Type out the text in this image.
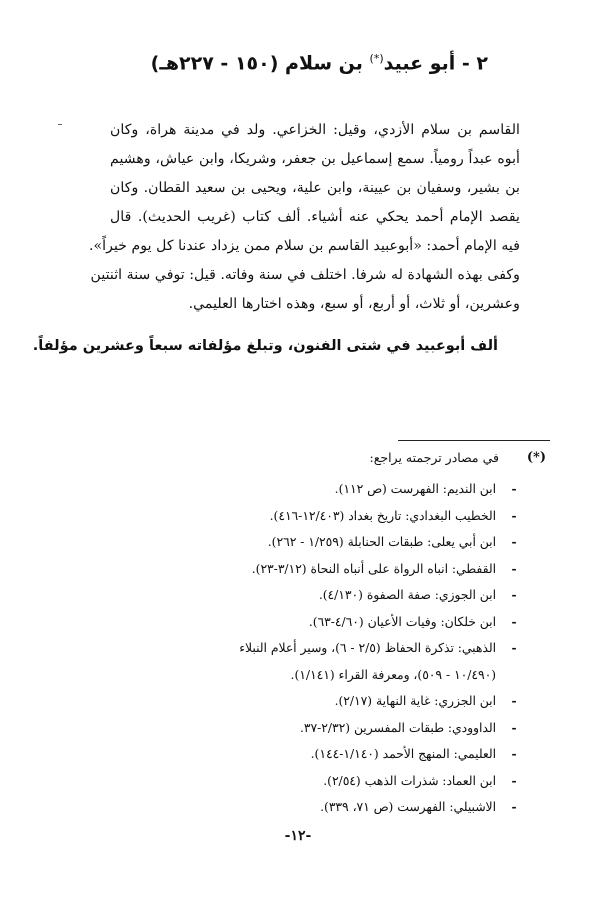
٢ - أبو عبيد(*) بن سلام (١٥٠ - ٢٢٧هـ)
القاسم بن سلام الأزدي، وقيل: الخزاعي. ولد في مدينة هراة، وكان
أبوه عبداً رومياً. سمع إسماعيل بن جعفر، وشريكا، وابن عياش، وهشيم
بن بشير، وسفيان بن عيينة، وابن علية، ويحيى بن سعيد القطان. وكان
يقصد الإمام أحمد يحكي عنه أشياء. ألف كتاب (غريب الحديث). قال
فيه الإمام أحمد: «أبوعبيد القاسم بن سلام ممن يزداد عندنا كل يوم خيراً».
وكفى بهذه الشهادة له شرفا. اختلف في سنة وفاته. قيل: توفي سنة اثنتين
وعشرين، أو ثلاث، أو أربع، أو سبع، وهذه اختارها العليمي.
ألف أبوعبيد في شتى الفنون، وتبلغ مؤلفاته سبعاً وعشرين مؤلفاً.
(*)
في مصادر ترجمته يراجع:
-
ابن النديم: الفهرست (ص ١١٢).
-
الخطيب البغدادي: تاريخ بغداد (١٢/٤٠٣-٤١٦).
-
ابن أبي يعلى: طبقات الحنابلة (١/٢٥٩ - ٢٦٢).
-
القفطي: انباه الرواة على أنباه النحاة (٣/١٢-٢٣).
-
ابن الجوزي: صفة الصفوة (٤/١٣٠).
-
ابن خلكان: وفيات الأعيان (٤/٦٠-٦٣).
-
الذهبي: تذكرة الحفاظ (٢/٥ - ٦)، وسير أعلام النبلاء
(١٠/٤٩٠ - ٥٠٩)، ومعرفة القراء (١/١٤١).
-
ابن الجزري: غاية النهاية (٢/١٧).
-
الداوودي: طبقات المفسرين (٢/٣٢-٣٧.
-
العليمي: المنهج الأحمد (١/١٤٠-١٤٤).
-
ابن العماد: شذرات الذهب (٢/٥٤).
-
الاشبيلي: الفهرست (ص ٧١، ٣٣٩).
-١٢-
